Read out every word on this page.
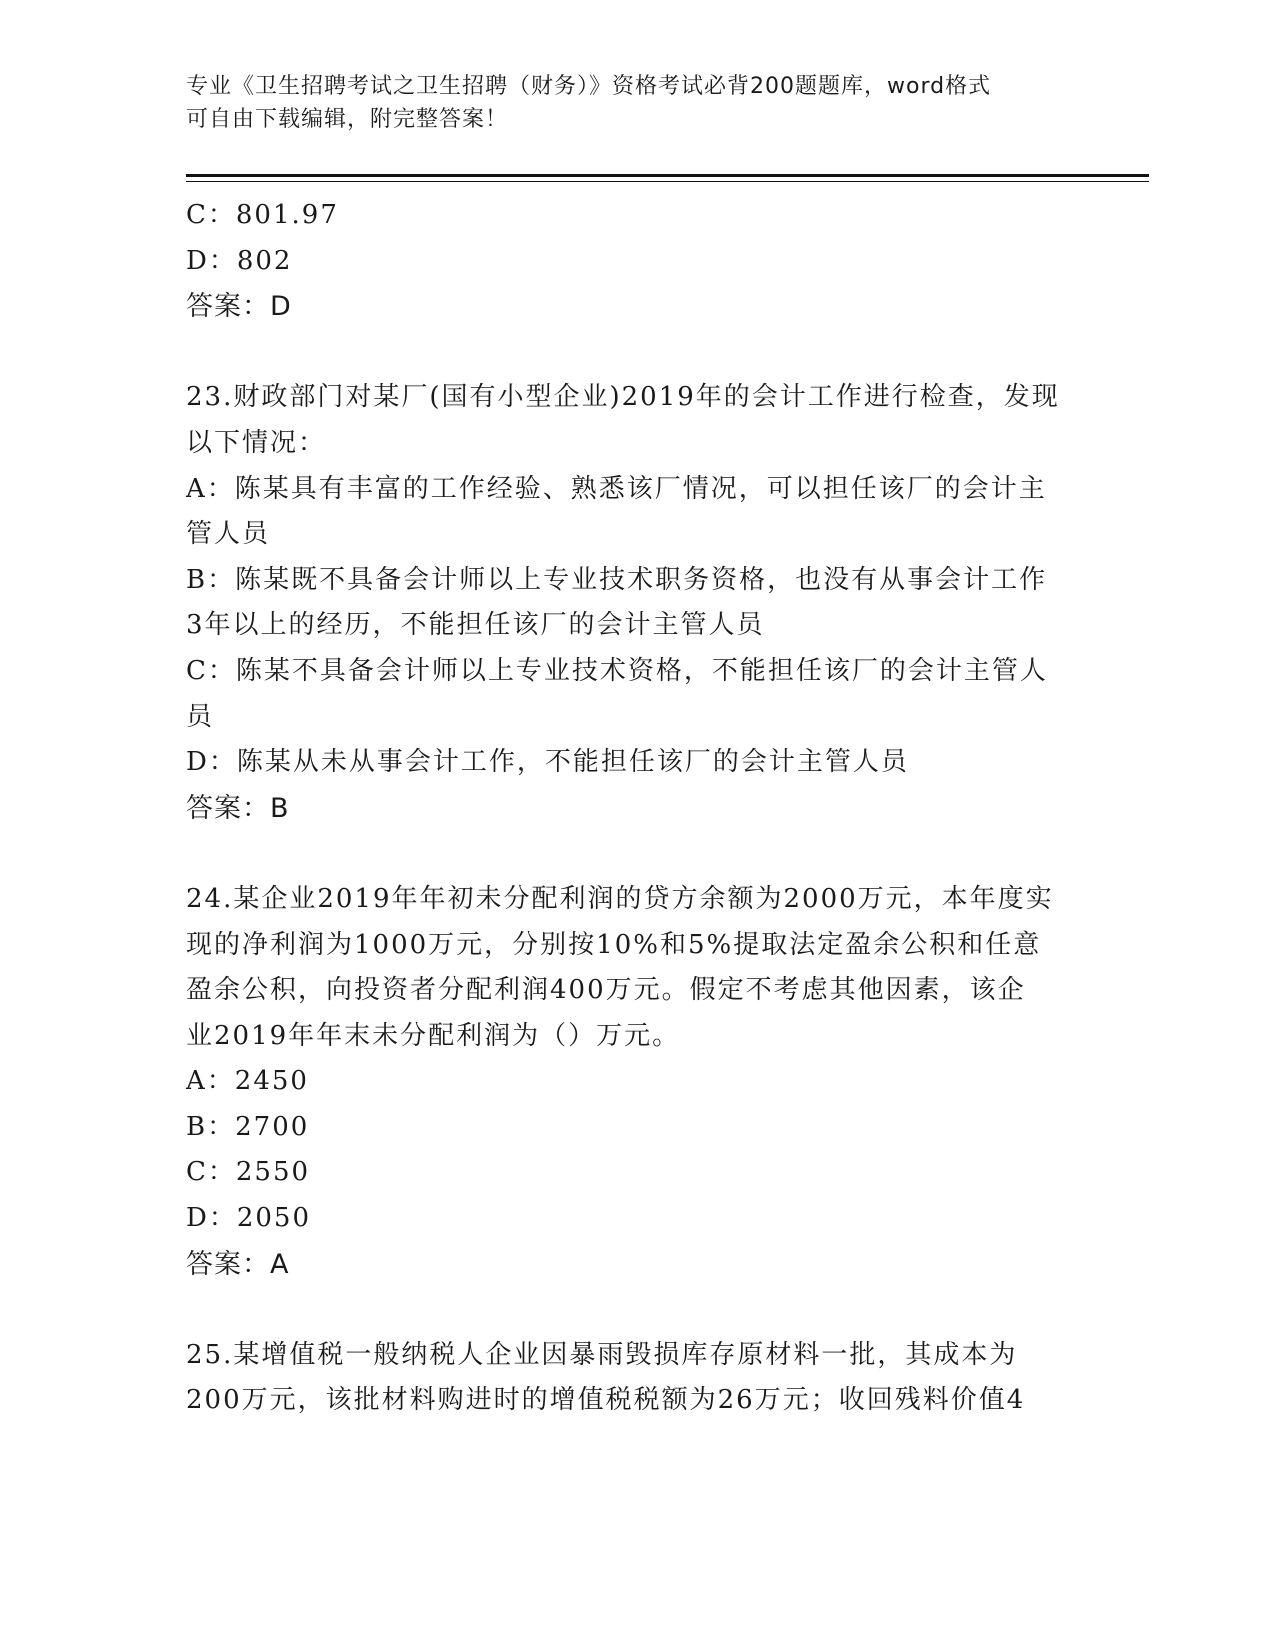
专业《卫生招聘考试之卫生招聘（财务）》资格考试必背200题题库，word格式
可自由下载编辑，附完整答案！
C：801.97
D：802
答案：D
23.财政部门对某厂(国有小型企业)2019年的会计工作进行检查，发现
以下情况：
A：陈某具有丰富的工作经验、熟悉该厂情况，可以担任该厂的会计主
管人员
B：陈某既不具备会计师以上专业技术职务资格，也没有从事会计工作
3年以上的经历，不能担任该厂的会计主管人员
C：陈某不具备会计师以上专业技术资格，不能担任该厂的会计主管人
员
D：陈某从未从事会计工作，不能担任该厂的会计主管人员
答案：B
24.某企业2019年年初未分配利润的贷方余额为2000万元，本年度实
现的净利润为1000万元，分别按10%和5%提取法定盈余公积和任意
盈余公积，向投资者分配利润400万元。假定不考虑其他因素，该企
业2019年年末未分配利润为（）万元。
A：2450
B：2700
C：2550
D：2050
答案：A
25.某增值税一般纳税人企业因暴雨毁损库存原材料一批，其成本为
200万元，该批材料购进时的增值税税额为26万元；收回残料价值4
